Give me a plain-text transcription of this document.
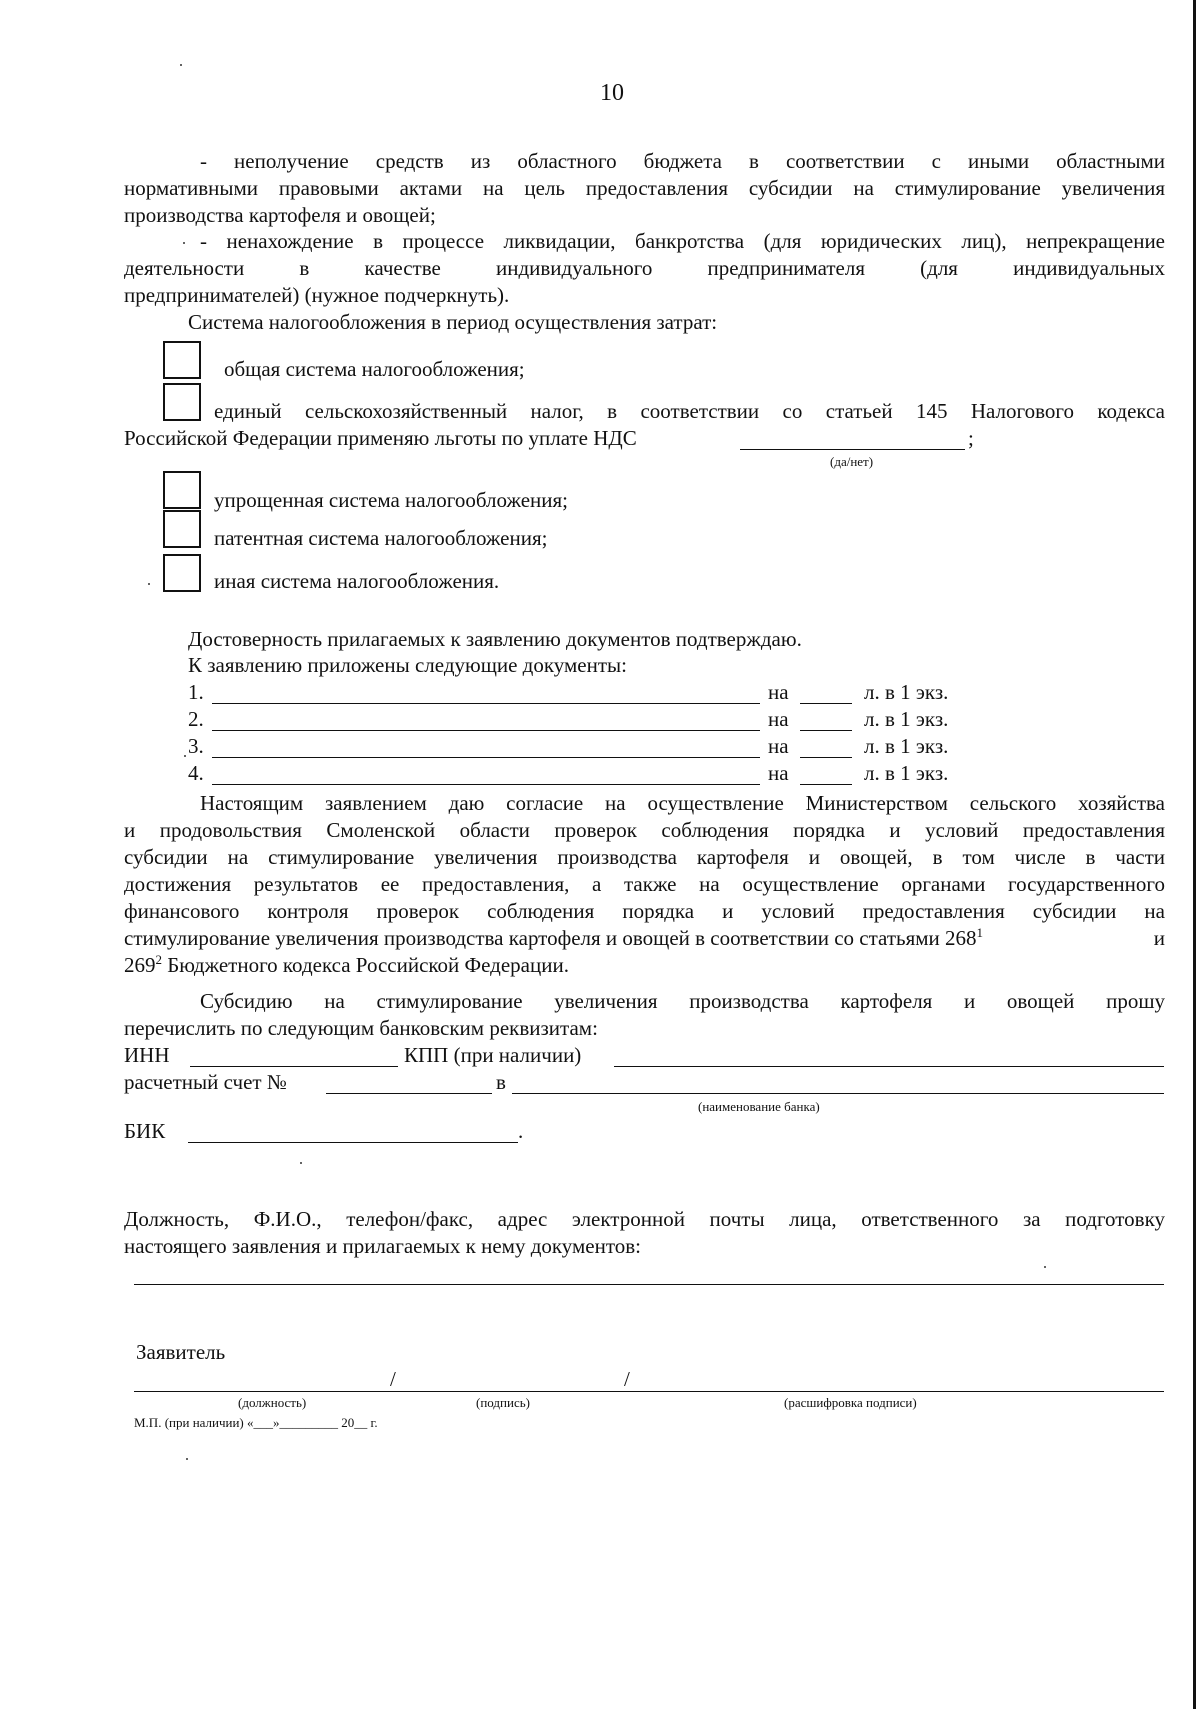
10
- неполучение средств из областного бюджета в соответствии с иными областными
нормативными правовыми актами на цель предоставления субсидии на стимулирование увеличения
производства картофеля и овощей;
- ненахождение в процессе ликвидации, банкротства (для юридических лиц), непрекращение
деятельности в качестве индивидуального предпринимателя (для индивидуальных
предпринимателей) (нужное подчеркнуть).
Система налогообложения в период осуществления затрат:
общая система налогообложения;
единый сельскохозяйственный налог, в соответствии со статьей 145 Налогового кодекса
Российской Федерации применяю льготы по уплате НДС	;
(да/нет)
упрощенная система налогообложения;
патентная система налогообложения;
иная система налогообложения.
Достоверность прилагаемых к заявлению документов подтверждаю.
К заявлению приложены следующие документы:
1.	на	л. в 1 экз.
2.	на	л. в 1 экз.
3.	на	л. в 1 экз.
4.	на	л. в 1 экз.
Настоящим заявлением даю согласие на осуществление Министерством сельского хозяйства
и продовольствия Смоленской области проверок соблюдения порядка и условий предоставления
субсидии на стимулирование увеличения производства картофеля и овощей, в том числе в части
достижения результатов ее предоставления, а также на осуществление органами государственного
финансового контроля проверок соблюдения порядка и условий предоставления субсидии на
стимулирование увеличения производства картофеля и овощей в соответствии со статьями $268^1$	и
$269^2$ Бюджетного кодекса Российской Федерации.
Субсидию на стимулирование увеличения производства картофеля и овощей прошу
перечислить по следующим банковским реквизитам:
ИНН	КПП (при наличии)
расчетный счет №	в
(наименование банка)
БИК	.
Должность, Ф.И.О., телефон/факс, адрес электронной почты лица, ответственного за подготовку
настоящего заявления и прилагаемых к нему документов:
Заявитель
/	/
(должность)	(подпись)	(расшифровка подписи)
М.П. (при наличии) «___»_________ 20__ г.
